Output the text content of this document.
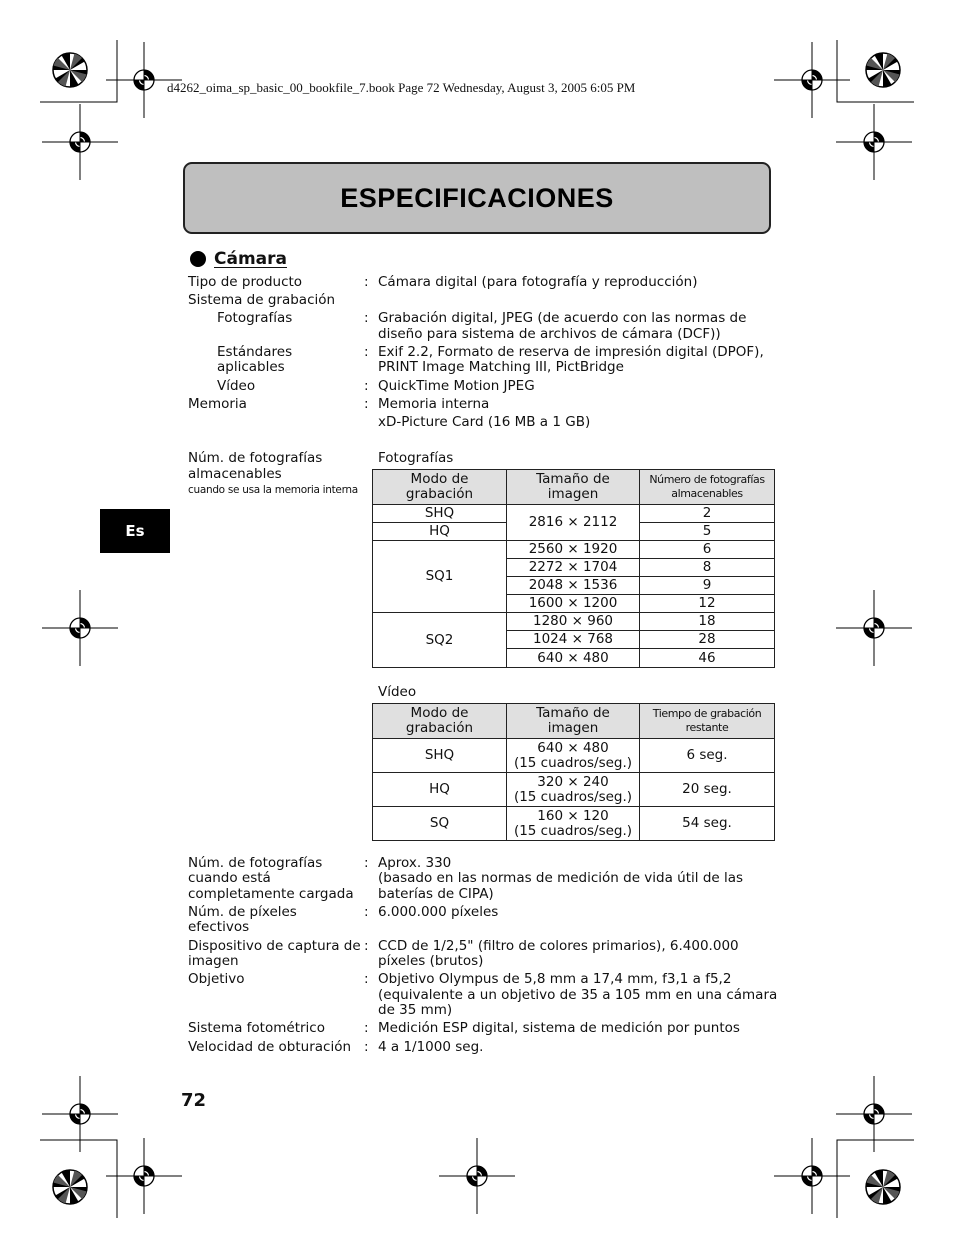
d4262_oima_sp_basic_00_bookfile_7.book Page 72 Wednesday, August 3, 2005 6:05 PM
ESPECIFICACIONES
Cámara
Es
Tipo de producto	: Cámara digital (para fotografía y reproducción)
Sistema de grabación
Fotografías	: Grabación digital, JPEG (de acuerdo con las normas de
diseño para sistema de archivos de cámara (DCF))
Estándares
aplicables
: Exif 2.2, Formato de reserva de impresión digital (DPOF),
PRINT Image Matching III, PictBridge
Vídeo	: QuickTime Motion JPEG
Memoria	: Memoria interna
xD-Picture Card (16 MB a 1 GB)
Núm. de fotografías
almacenables
cuando se usa la memoria interna
Fotografías
Modo de grabación	Tamaño de imagen	Número de fotografías almacenables
SHQ	2816 × 2112	2
HQ		5
SQ1	2560 × 1920	6
	2272 × 1704	8
	2048 × 1536	9
	1600 × 1200	12
SQ2	1280 × 960	18
	1024 × 768	28
	640 × 480	46
Vídeo
Modo de grabación	Tamaño de imagen	Tiempo de grabación restante
SHQ	640 × 480
(15 cuadros/seg.)	6 seg.
HQ	320 × 240
(15 cuadros/seg.)	20 seg.
SQ	160 × 120
(15 cuadros/seg.)	54 seg.
Núm. de fotografías
cuando está
completamente cargada
: Aprox. 330
(basado en las normas de medición de vida útil de las
baterías de CIPA)
Núm. de píxeles
efectivos
: 6.000.000 píxeles
Dispositivo de captura de
imagen
: CCD de 1/2,5" (filtro de colores primarios), 6.400.000
píxeles (brutos)
Objetivo	: Objetivo Olympus de 5,8 mm a 17,4 mm, f3,1 a f5,2
(equivalente a un objetivo de 35 a 105 mm en una cámara
de 35 mm)
Sistema fotométrico	: Medición ESP digital, sistema de medición por puntos
Velocidad de obturación : 4 a 1/1000 seg.
72
